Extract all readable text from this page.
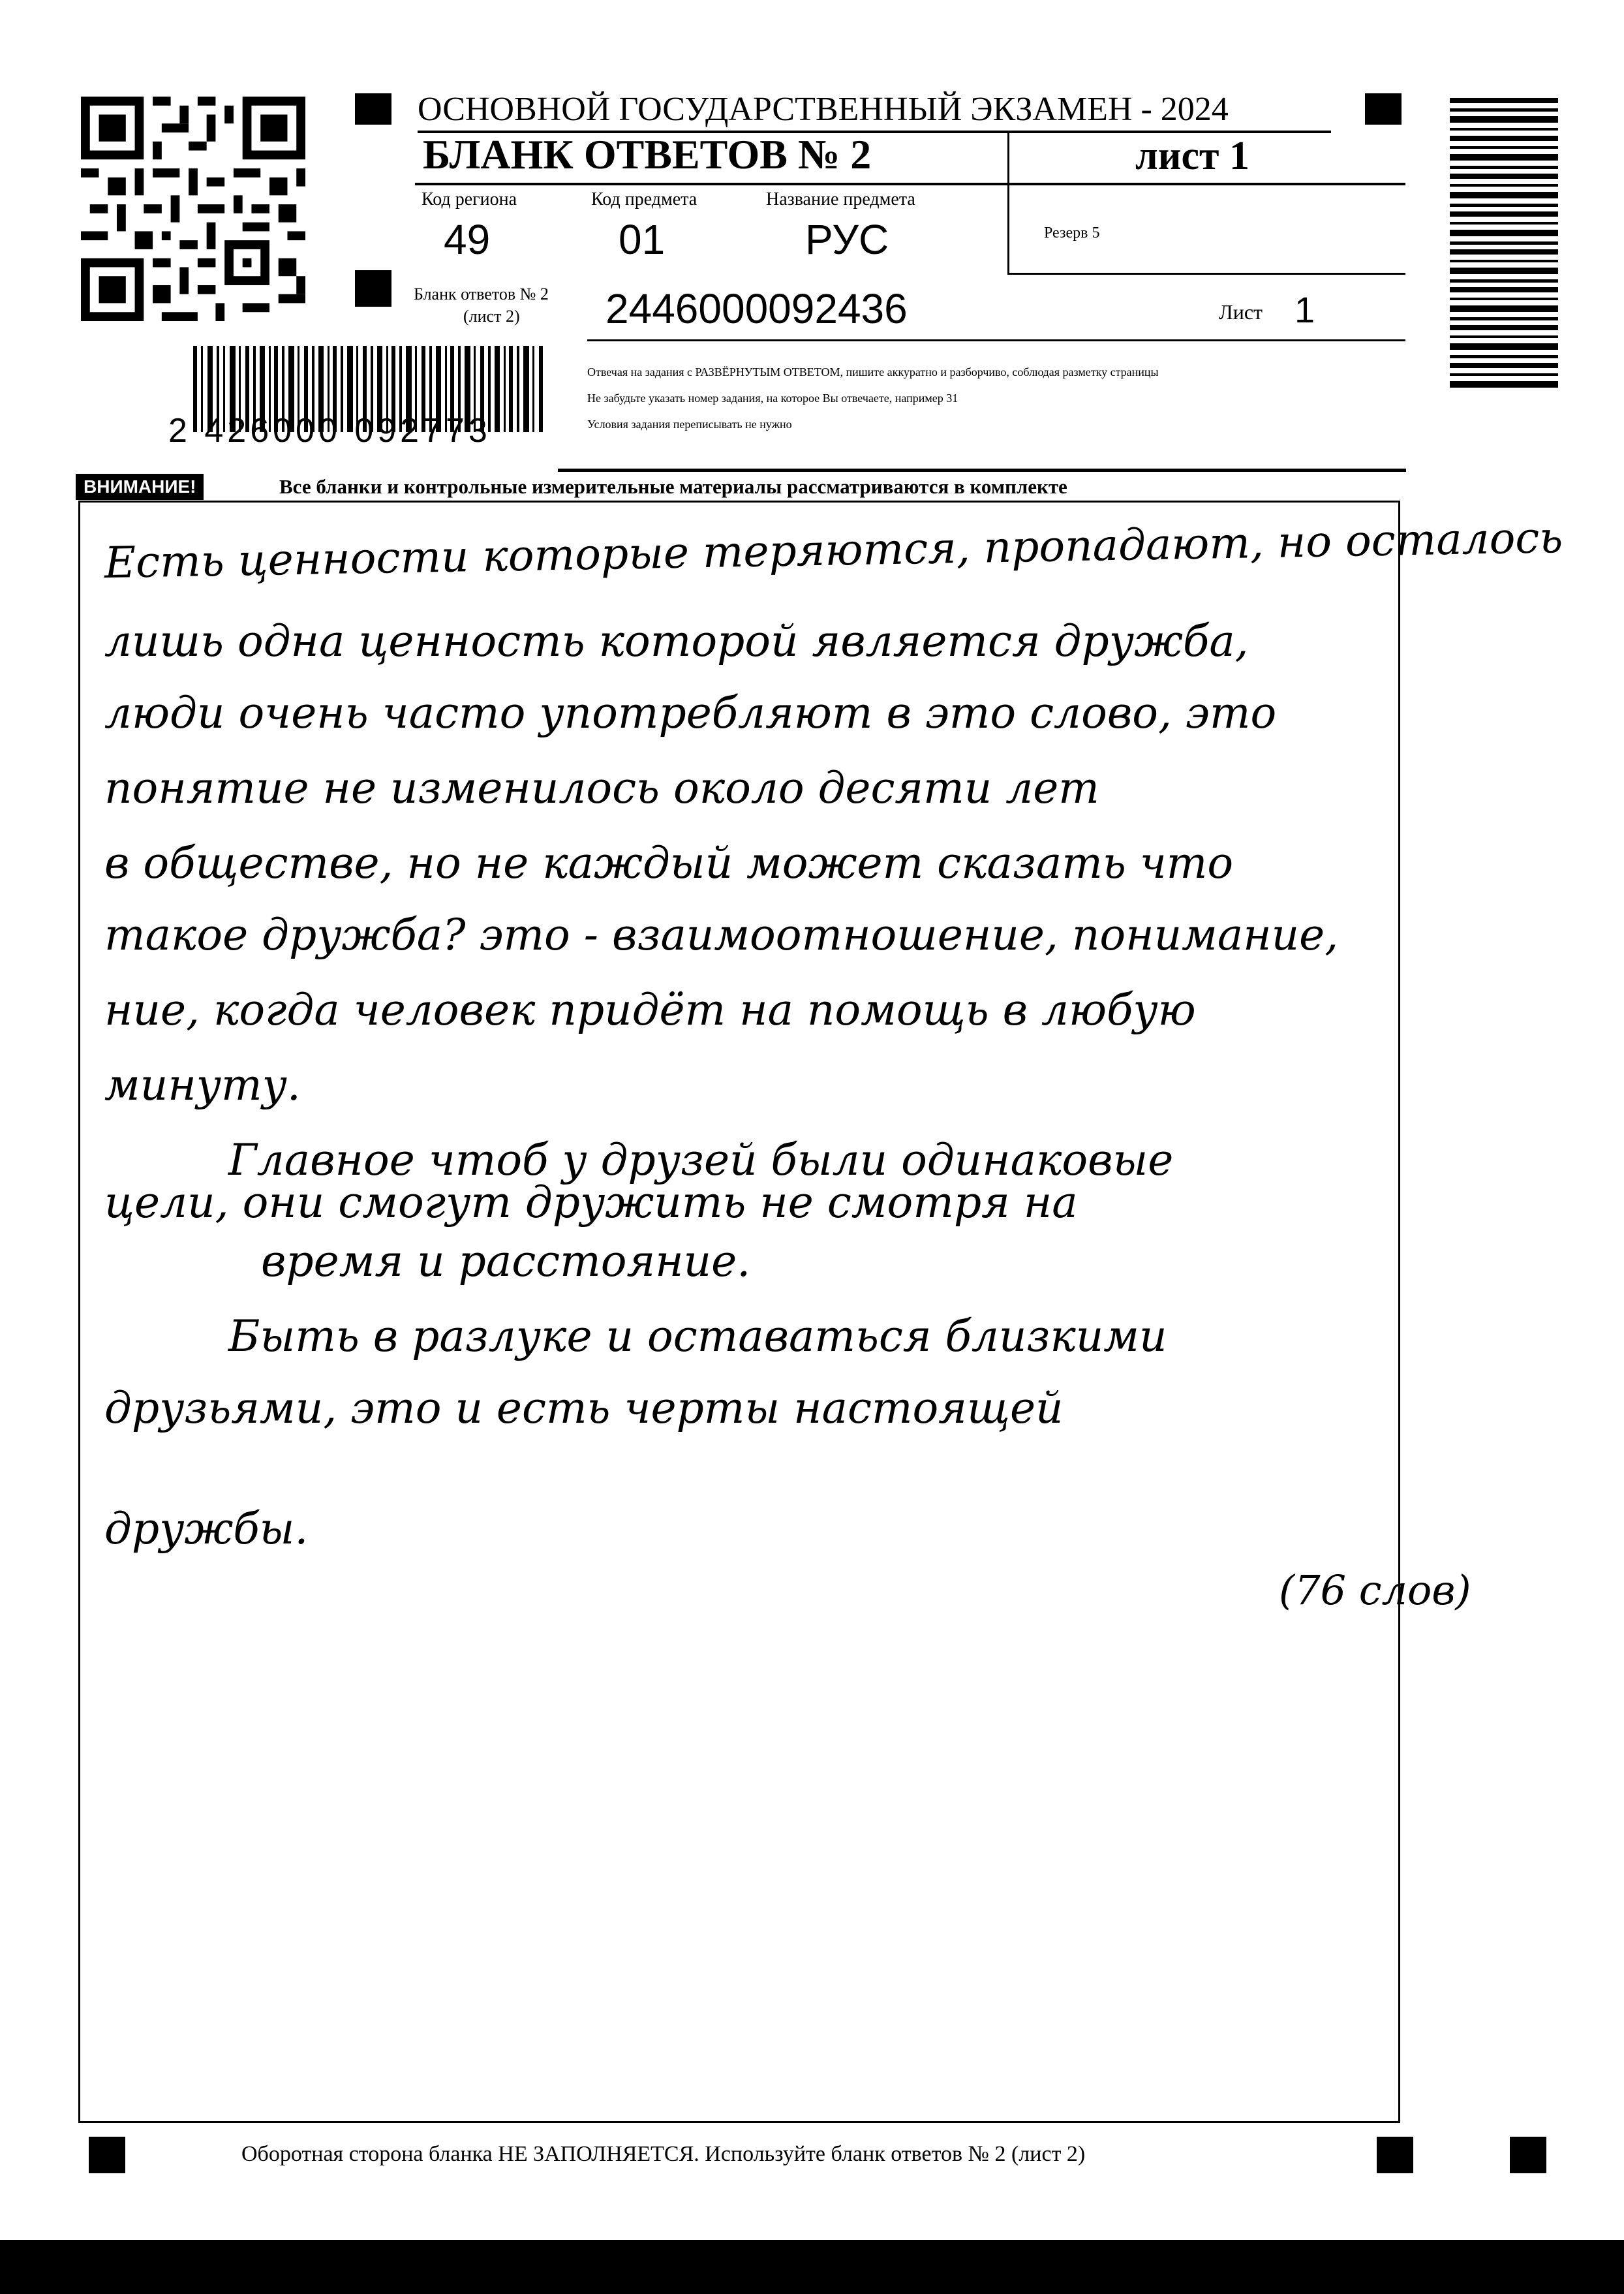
ОСНОВНОЙ ГОСУДАРСТВЕННЫЙ ЭКЗАМЕН - 2024
БЛАНК ОТВЕТОВ № 2	лист 1
Код региона
49
Код предмета
01
Название предмета
РУС	Резерв 5
Бланк ответов № 2
(лист 2) 2446000092436	Лист 1
2 426000 092773
Отвечая на задания с РАЗВЁРНУТЫМ ОТВЕТОМ, пишите аккуратно и разборчиво, соблюдая разметку страницы
Не забудьте указать номер задания, на которое Вы отвечаете, например 31
Условия задания переписывать не нужно
ВНИМАНИЕ!	Все бланки и контрольные измерительные материалы рассматриваются в комплекте
Есть ценности которые теряются, пропадают, но осталось
лишь одна ценность которой является дружба,
люди очень часто употребляют в это слово, это
понятие не изменилось около десяти лет
в обществе, но не каждый может сказать что
такое дружба? это - взаимоотношение, понимание,
ние, когда человек придёт на помощь в любую
минуту.
Главное чтоб у друзей были одинаковые
цели, они смогут дружить не смотря на
время и расстояние.
Быть в разлуке и оставаться близкими
друзьями, это и есть черты настоящей
дружбы.
(76 слов)
Оборотная сторона бланка НЕ ЗАПОЛНЯЕТСЯ. Используйте бланк ответов № 2 (лист 2)
